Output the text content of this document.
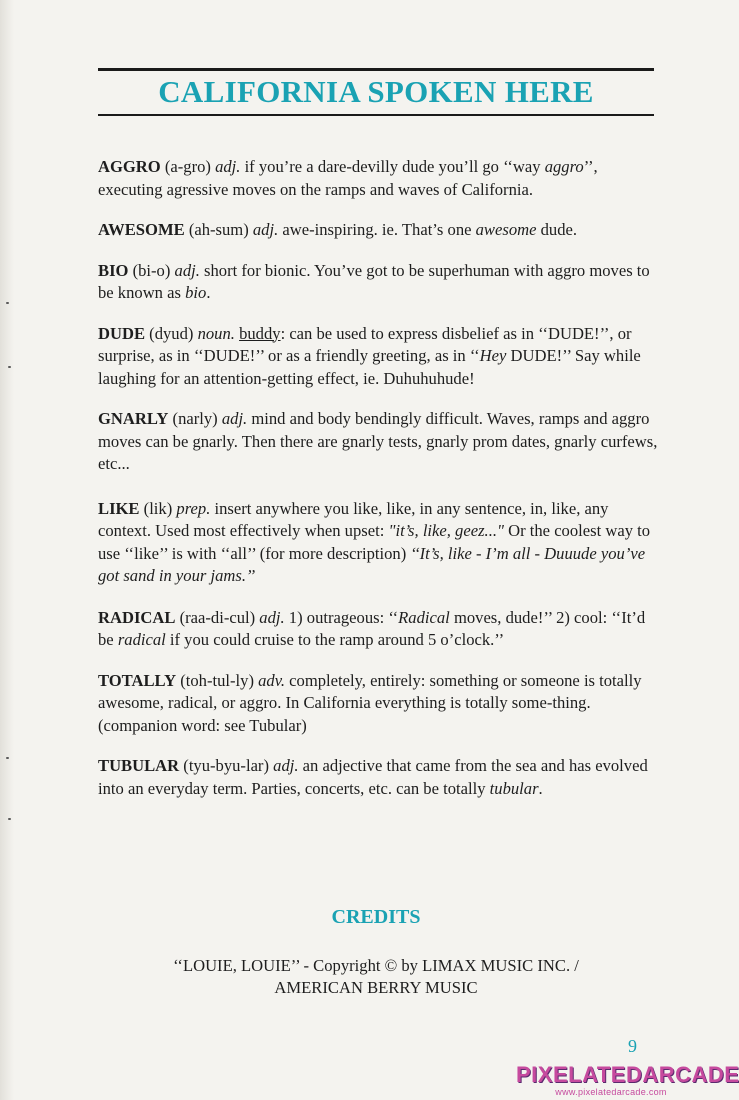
CALIFORNIA SPOKEN HERE

AGGRO (a-gro) adj. if you’re a dare-devilly dude you’ll go ‘‘way aggro’’, executing agressive moves on the ramps and waves of California.

AWESOME (ah-sum) adj. awe-inspiring. ie. That’s one awesome dude.

BIO (bi-o) adj. short for bionic. You’ve got to be superhuman with aggro moves to be known as bio.

DUDE (dyud) noun. buddy: can be used to express disbelief as in ‘‘DUDE!’’, or surprise, as in ‘‘DUDE!’’ or as a friendly greeting, as in ‘‘Hey DUDE!’’ Say while laughing for an attention-getting effect, ie. Duhuhuhude!

GNARLY (narly) adj. mind and body bendingly difficult. Waves, ramps and aggro moves can be gnarly. Then there are gnarly tests, gnarly prom dates, gnarly curfews, etc...

LIKE (lik) prep. insert anywhere you like, like, in any sentence, in, like, any context. Used most effectively when upset: "it’s, like, geez..." Or the coolest way to use ‘‘like’’ is with ‘‘all’’ (for more description) ‘‘It’s, like - I’m all - Duuude you’ve got sand in your jams.’’

RADICAL (raa-di-cul) adj. 1) outrageous: ‘‘Radical moves, dude!’’ 2) cool: ‘‘It’d be radical if you could cruise to the ramp around 5 o’clock.’’

TOTALLY (toh-tul-ly) adv. completely, entirely: something or someone is totally awesome, radical, or aggro. In California everything is totally some-thing. (companion word: see Tubular)

TUBULAR (tyu-byu-lar) adj. an adjective that came from the sea and has evolved into an everyday term. Parties, concerts, etc. can be totally tubular.

CREDITS
‘‘LOUIE, LOUIE’’ - Copyright © by LIMAX MUSIC INC. /
AMERICAN BERRY MUSIC
9
PIXELATEDARCADE
www.pixelatedarcade.com
